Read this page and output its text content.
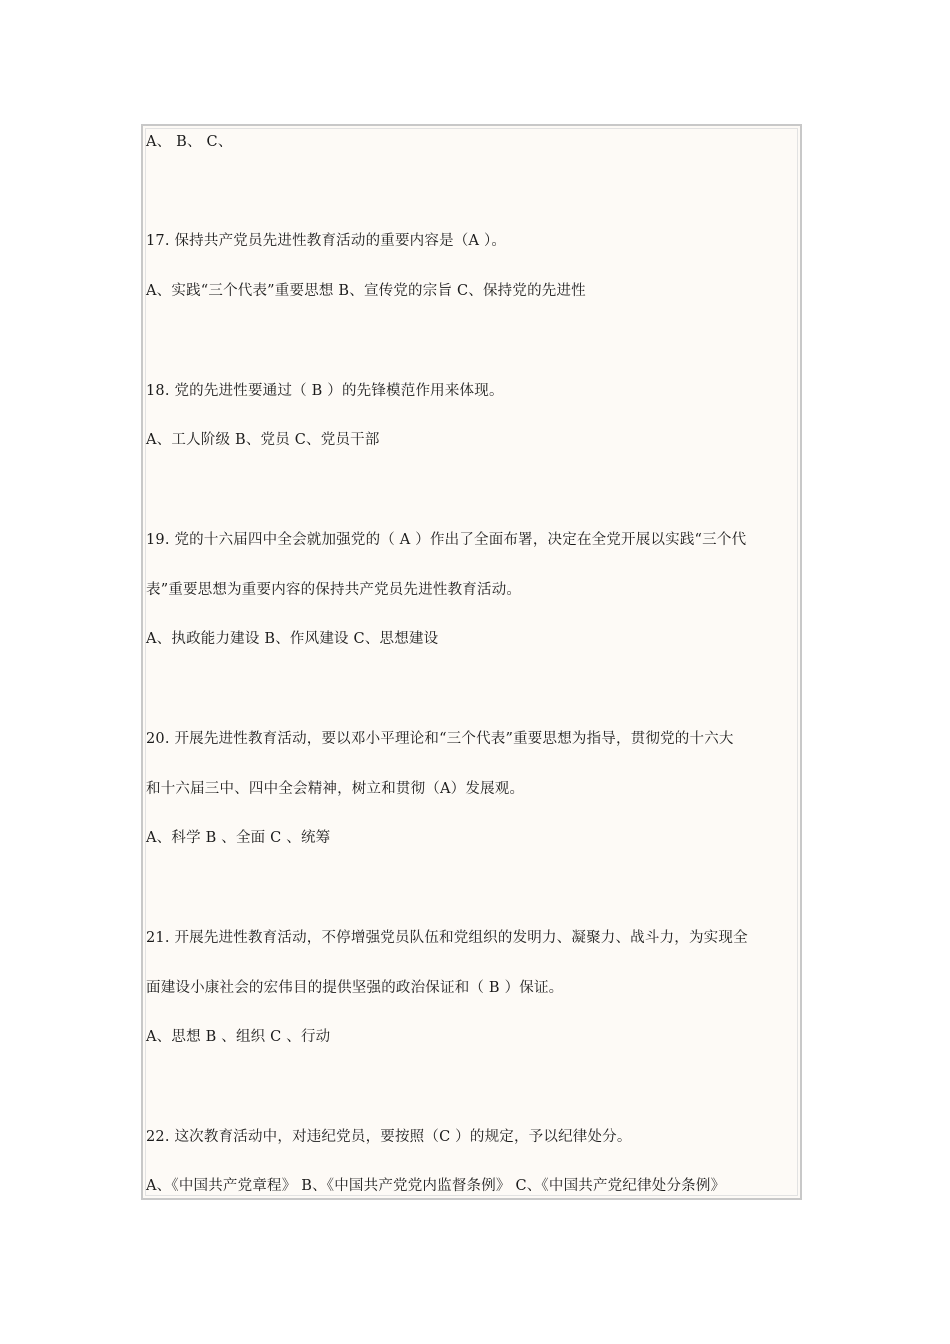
A、 B、 C、
17. 保持共产党员先进性教育活动的重要内容是（A ）。
A、实践“三个代表”重要思想 B、宣传党的宗旨 C、保持党的先进性
18. 党的先进性要通过（ B ）的先锋模范作用来体现。
A、工人阶级 B、党员 C、党员干部
19. 党的十六届四中全会就加强党的（ A ）作出了全面布署，决定在全党开展以实践“三个代
表”重要思想为重要内容的保持共产党员先进性教育活动。
A、执政能力建设 B、作风建设 C、思想建设
20. 开展先进性教育活动，要以邓小平理论和“三个代表”重要思想为指导，贯彻党的十六大
和十六届三中、四中全会精神，树立和贯彻（A）发展观。
A、科学 B 、全面 C 、统筹
21. 开展先进性教育活动，不停增强党员队伍和党组织的发明力、凝聚力、战斗力，为实现全
面建设小康社会的宏伟目的提供坚强的政治保证和（ B ）保证。
A、思想 B 、组织 C 、行动
22. 这次教育活动中，对违纪党员，要按照（C ）的规定，予以纪律处分。
A、《中国共产党章程》 B、《中国共产党党内监督条例》 C、《中国共产党纪律处分条例》
